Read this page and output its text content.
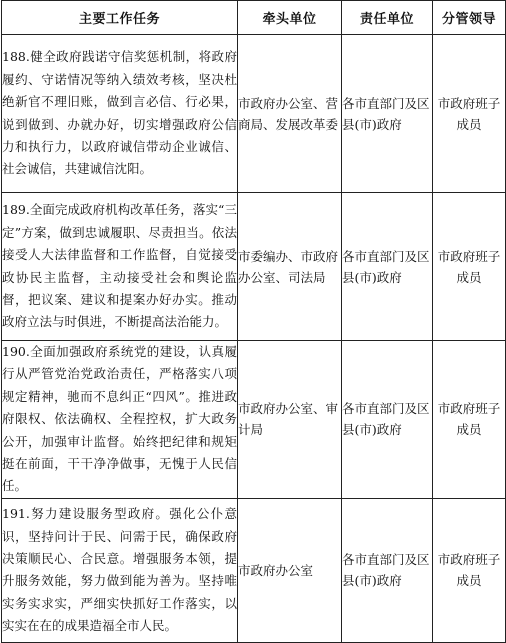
主要工作任务	牵头单位	责任单位	分管领导
188.健全政府践诺守信奖惩机制，将政府履约、守诺情况等纳入绩效考核，坚决杜绝新官不理旧账，做到言必信、行必果，说到做到、办就办好，切实增强政府公信力和执行力，以政府诚信带动企业诚信、社会诚信，共建诚信沈阳。	市政府办公室、营商局、发展改革委	各市直部门及区县(市)政府	市政府班子成员
189.全面完成政府机构改革任务，落实“三定”方案，做到忠诚履职、尽责担当。依法接受人大法律监督和工作监督，自觉接受政协民主监督，主动接受社会和舆论监督，把议案、建议和提案办好办实。推动政府立法与时俱进，不断提高法治能力。	市委编办、市政府办公室、司法局	各市直部门及区县(市)政府	市政府班子成员
190.全面加强政府系统党的建设，认真履行从严管党治党政治责任，严格落实八项规定精神，驰而不息纠正“四风”。推进政府限权、依法确权、全程控权，扩大政务公开，加强审计监督。始终把纪律和规矩挺在前面，干干净净做事，无愧于人民信任。	市政府办公室、审计局	各市直部门及区县(市)政府	市政府班子成员
191.努力建设服务型政府。强化公仆意识，坚持问计于民、问需于民，确保政府决策顺民心、合民意。增强服务本领，提升服务效能，努力做到能为善为。坚持唯实务实求实，严细实快抓好工作落实，以实实在在的成果造福全市人民。	市政府办公室	各市直部门及区县(市)政府	市政府班子成员
